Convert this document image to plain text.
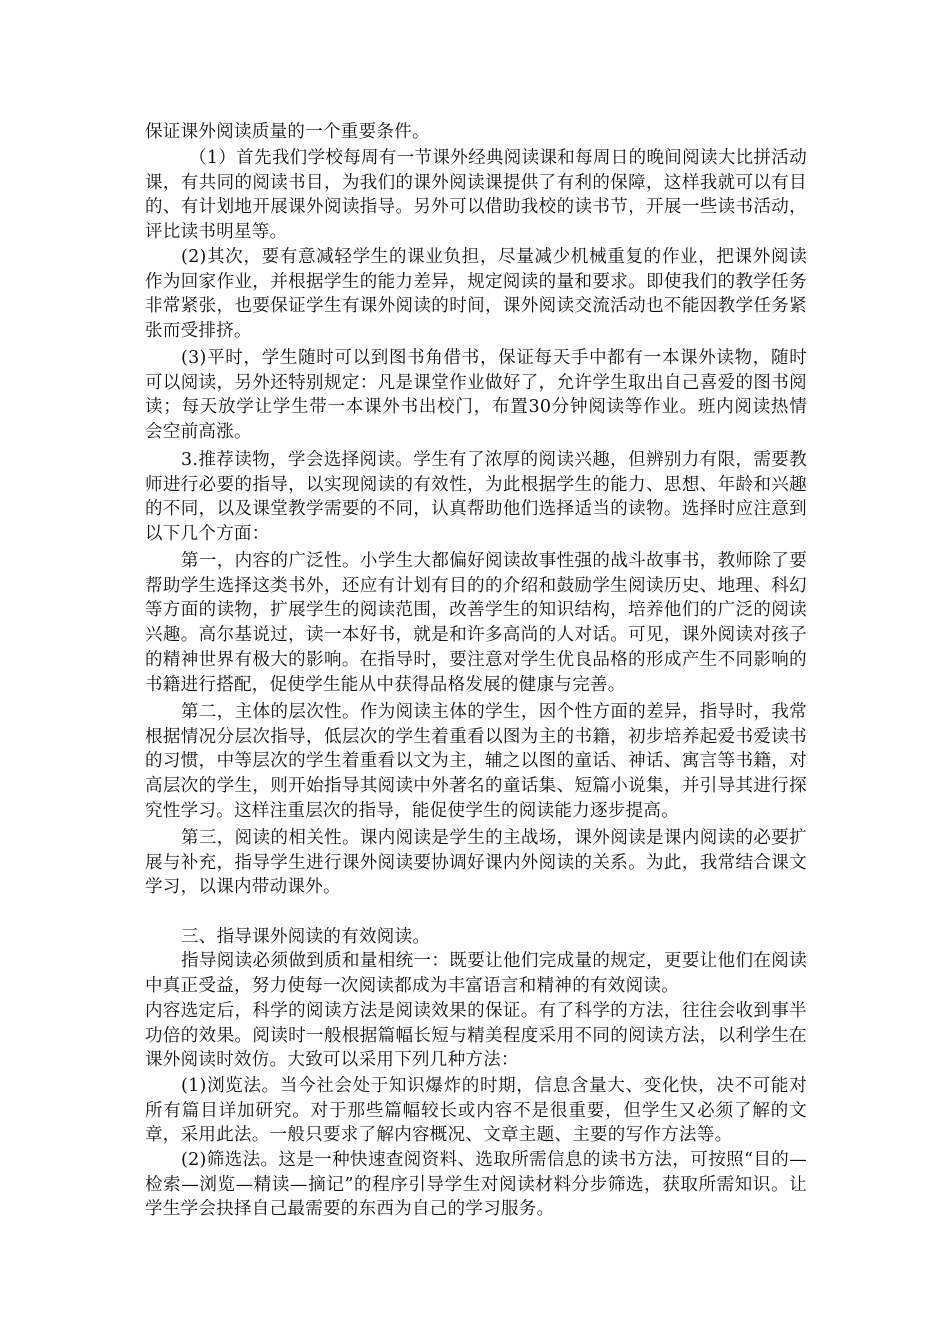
保证课外阅读质量的一个重要条件。

（1）首先我们学校每周有一节课外经典阅读课和每周日的晚间阅读大比拼活动课，有共同的阅读书目，为我们的课外阅读课提供了有利的保障，这样我就可以有目的、有计划地开展课外阅读指导。另外可以借助我校的读书节，开展一些读书活动，评比读书明星等。

(2)其次，要有意减轻学生的课业负担，尽量减少机械重复的作业，把课外阅读作为回家作业，并根据学生的能力差异，规定阅读的量和要求。即使我们的教学任务非常紧张，也要保证学生有课外阅读的时间，课外阅读交流活动也不能因教学任务紧张而受排挤。

(3)平时，学生随时可以到图书角借书，保证每天手中都有一本课外读物，随时可以阅读，另外还特别规定：凡是课堂作业做好了，允许学生取出自己喜爱的图书阅读；每天放学让学生带一本课外书出校门，布置30分钟阅读等作业。班内阅读热情会空前高涨。

3.推荐读物，学会选择阅读。学生有了浓厚的阅读兴趣，但辨别力有限，需要教师进行必要的指导，以实现阅读的有效性，为此根据学生的能力、思想、年龄和兴趣的不同，以及课堂教学需要的不同，认真帮助他们选择适当的读物。选择时应注意到以下几个方面：

第一，内容的广泛性。小学生大都偏好阅读故事性强的战斗故事书，教师除了要帮助学生选择这类书外，还应有计划有目的的介绍和鼓励学生阅读历史、地理、科幻等方面的读物，扩展学生的阅读范围，改善学生的知识结构，培养他们的广泛的阅读兴趣。高尔基说过，读一本好书，就是和许多高尚的人对话。可见，课外阅读对孩子的精神世界有极大的影响。在指导时，要注意对学生优良品格的形成产生不同影响的书籍进行搭配，促使学生能从中获得品格发展的健康与完善。

第二，主体的层次性。作为阅读主体的学生，因个性方面的差异，指导时，我常根据情况分层次指导，低层次的学生着重看以图为主的书籍，初步培养起爱书爱读书的习惯，中等层次的学生着重看以文为主，辅之以图的童话、神话、寓言等书籍，对高层次的学生，则开始指导其阅读中外著名的童话集、短篇小说集，并引导其进行探究性学习。这样注重层次的指导，能促使学生的阅读能力逐步提高。

第三，阅读的相关性。课内阅读是学生的主战场，课外阅读是课内阅读的必要扩展与补充，指导学生进行课外阅读要协调好课内外阅读的关系。为此，我常结合课文学习，以课内带动课外。

三、指导课外阅读的有效阅读。

指导阅读必须做到质和量相统一：既要让他们完成量的规定，更要让他们在阅读中真正受益，努力使每一次阅读都成为丰富语言和精神的有效阅读。

内容选定后，科学的阅读方法是阅读效果的保证。有了科学的方法，往往会收到事半功倍的效果。阅读时一般根据篇幅长短与精美程度采用不同的阅读方法，以利学生在课外阅读时效仿。大致可以采用下列几种方法：

(1)浏览法。当今社会处于知识爆炸的时期，信息含量大、变化快，决不可能对所有篇目详加研究。对于那些篇幅较长或内容不是很重要，但学生又必须了解的文章，采用此法。一般只要求了解内容概况、文章主题、主要的写作方法等。

(2)筛选法。这是一种快速查阅资料、选取所需信息的读书方法，可按照“目的—检索—浏览—精读—摘记”的程序引导学生对阅读材料分步筛选，获取所需知识。让学生学会抉择自己最需要的东西为自己的学习服务。
